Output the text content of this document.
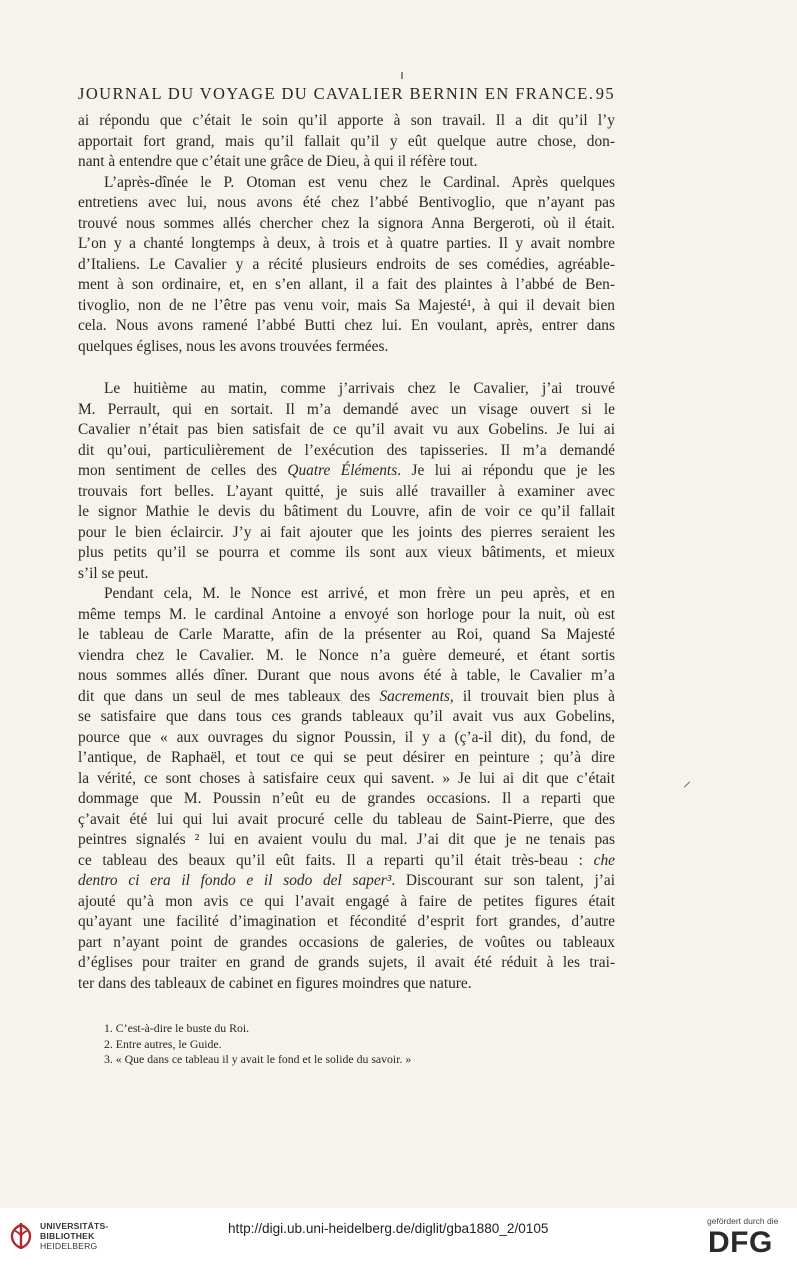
JOURNAL DU VOYAGE DU CAVALIER BERNIN EN FRANCE. 95
ai répondu que c’était le soin qu’il apporte à son travail. Il a dit qu’il l’y
apportait fort grand, mais qu’il fallait qu’il y eût quelque autre chose, don-
nant à entendre que c’était une grâce de Dieu, à qui il réfère tout.
L’après-dînée le P. Otoman est venu chez le Cardinal. Après quelques
entretiens avec lui, nous avons été chez l’abbé Bentivoglio, que n’ayant pas
trouvé nous sommes allés chercher chez la signora Anna Bergeroti, où il était.
L’on y a chanté longtemps à deux, à trois et à quatre parties. Il y avait nombre
d’Italiens. Le Cavalier y a récité plusieurs endroits de ses comédies, agréable-
ment à son ordinaire, et, en s’en allant, il a fait des plaintes à l’abbé de Ben-
tivoglio, non de ne l’être pas venu voir, mais Sa Majesté¹, à qui il devait bien
cela. Nous avons ramené l’abbé Butti chez lui. En voulant, après, entrer dans
quelques églises, nous les avons trouvées fermées.
Le huitième au matin, comme j’arrivais chez le Cavalier, j’ai trouvé
M. Perrault, qui en sortait. Il m’a demandé avec un visage ouvert si le
Cavalier n’était pas bien satisfait de ce qu’il avait vu aux Gobelins. Je lui ai
dit qu’oui, particulièrement de l’exécution des tapisseries. Il m’a demandé
mon sentiment de celles des Quatre Éléments. Je lui ai répondu que je les
trouvais fort belles. L’ayant quitté, je suis allé travailler à examiner avec
le signor Mathie le devis du bâtiment du Louvre, afin de voir ce qu’il fallait
pour le bien éclaircir. J’y ai fait ajouter que les joints des pierres seraient les
plus petits qu’il se pourra et comme ils sont aux vieux bâtiments, et mieux
s’il se peut.
Pendant cela, M. le Nonce est arrivé, et mon frère un peu après, et en
même temps M. le cardinal Antoine a envoyé son horloge pour la nuit, où est
le tableau de Carle Maratte, afin de la présenter au Roi, quand Sa Majesté
viendra chez le Cavalier. M. le Nonce n’a guère demeuré, et étant sortis
nous sommes allés dîner. Durant que nous avons été à table, le Cavalier m’a
dit que dans un seul de mes tableaux des Sacrements, il trouvait bien plus à
se satisfaire que dans tous ces grands tableaux qu’il avait vus aux Gobelins,
pource que « aux ouvrages du signor Poussin, il y a (ç’a-il dit), du fond, de
l’antique, de Raphaël, et tout ce qui se peut désirer en peinture ; qu’à dire
la vérité, ce sont choses à satisfaire ceux qui savent. » Je lui ai dit que c’était
dommage que M. Poussin n’eût eu de grandes occasions. Il a reparti que
ç’avait été lui qui lui avait procuré celle du tableau de Saint-Pierre, que des
peintres signalés ² lui en avaient voulu du mal. J’ai dit que je ne tenais pas
ce tableau des beaux qu’il eût faits. Il a reparti qu’il était très-beau : che
dentro ci era il fondo e il sodo del saper³. Discourant sur son talent, j’ai
ajouté qu’à mon avis ce qui l’avait engagé à faire de petites figures était
qu’ayant une facilité d’imagination et fécondité d’esprit fort grandes, d’autre
part n’ayant point de grandes occasions de galeries, de voûtes ou tableaux
d’églises pour traiter en grand de grands sujets, il avait été réduit à les trai-
ter dans des tableaux de cabinet en figures moindres que nature.
1. C’est-à-dire le buste du Roi.
2. Entre autres, le Guide.
3. « Que dans ce tableau il y avait le fond et le solide du savoir. »
UNIVERSITÄTS-
BIBLIOTHEK
HEIDELBERG
http://digi.ub.uni-heidelberg.de/diglit/gba1880_2/0105	gefördert durch die
DFG
